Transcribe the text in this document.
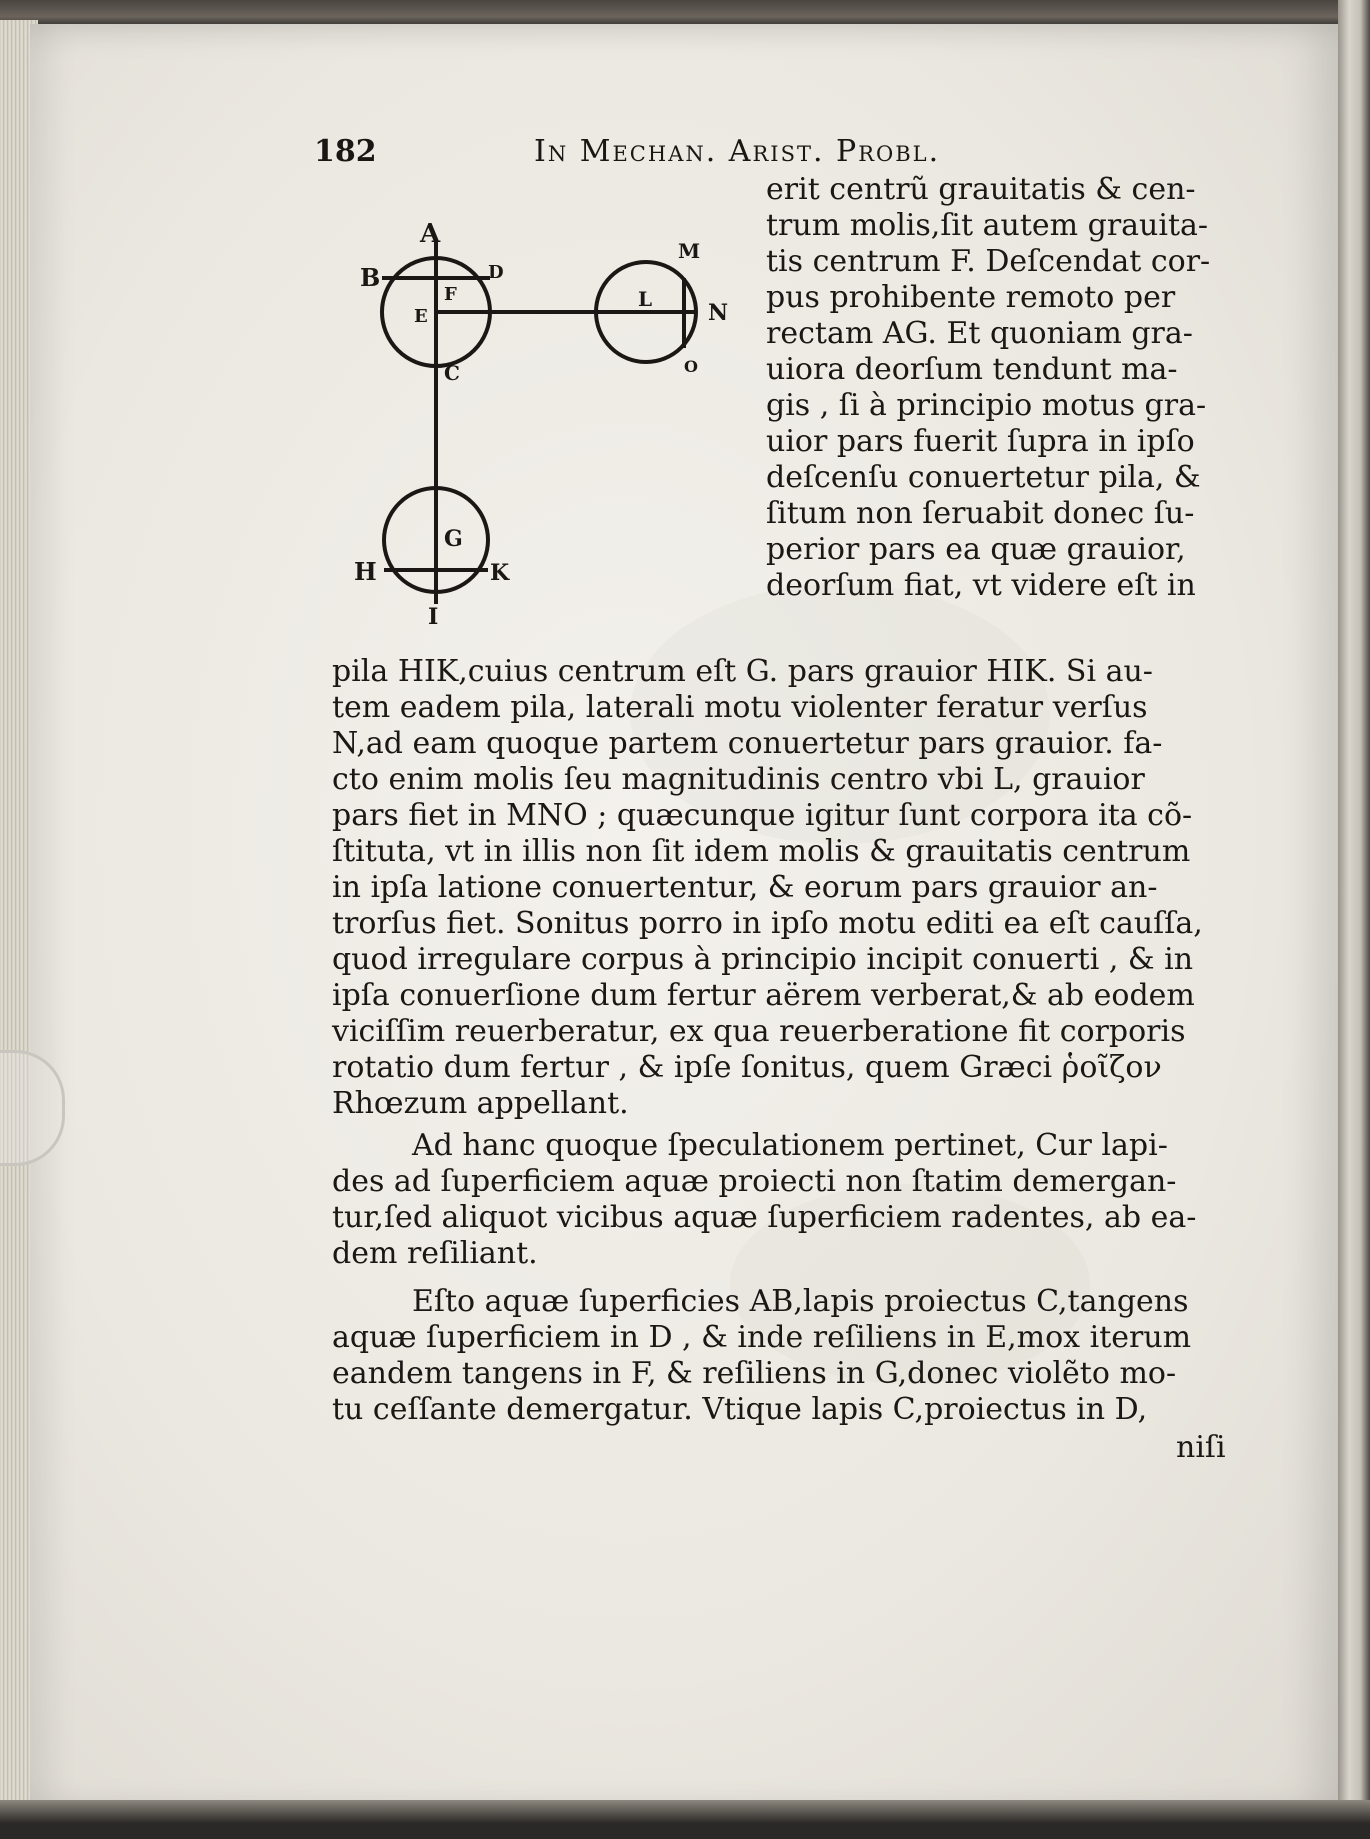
182	In Mechan. Arist. Probl.
A
B	D
F
E
C
M
L
N
O
G
H	K
I
erit centrũ grauitatis & cen-
trum molis,ſit autem grauita-
tis centrum F. Deſcendat cor-
pus prohibente remoto per
rectam AG. Et quoniam gra-
uiora deorſum tendunt ma-
gis , ſi à principio motus gra-
uior pars fuerit ſupra in ipſo
deſcenſu conuertetur pila, &
ſitum non ſeruabit donec ſu-
perior pars ea quæ grauior,
deorſum fiat, vt videre eſt in
pila HIK,cuius centrum eſt G. pars grauior HIK. Si au-
tem eadem pila, laterali motu violenter feratur verſus
N,ad eam quoque partem conuertetur pars grauior. fa-
cto enim molis ſeu magnitudinis centro vbi L, grauior
pars fiet in MNO ; quæcunque igitur ſunt corpora ita cõ-
ſtituta, vt in illis non ſit idem molis & grauitatis centrum
in ipſa latione conuertentur, & eorum pars grauior an-
trorſus fiet. Sonitus porro in ipſo motu editi ea eſt cauſſa,
quod irregulare corpus à principio incipit conuerti , & in
ipſa conuerſione dum fertur aërem verberat,& ab eodem
viciſſim reuerberatur, ex qua reuerberatione fit corporis
rotatio dum fertur , & ipſe ſonitus, quem Græci ῥοῖζον
Rhœzum appellant.
Ad hanc quoque ſpeculationem pertinet, Cur lapi-
des ad ſuperficiem aquæ proiecti non ſtatim demergan-
tur,ſed aliquot vicibus aquæ ſuperficiem radentes, ab ea-
dem reſiliant.
Eſto aquæ ſuperficies AB,lapis proiectus C,tangens
aquæ ſuperficiem in D , & inde reſiliens in E,mox iterum
eandem tangens in F, & reſiliens in G,donec violẽto mo-
tu ceſſante demergatur. Vtique lapis C,proiectus in D,
niſi
